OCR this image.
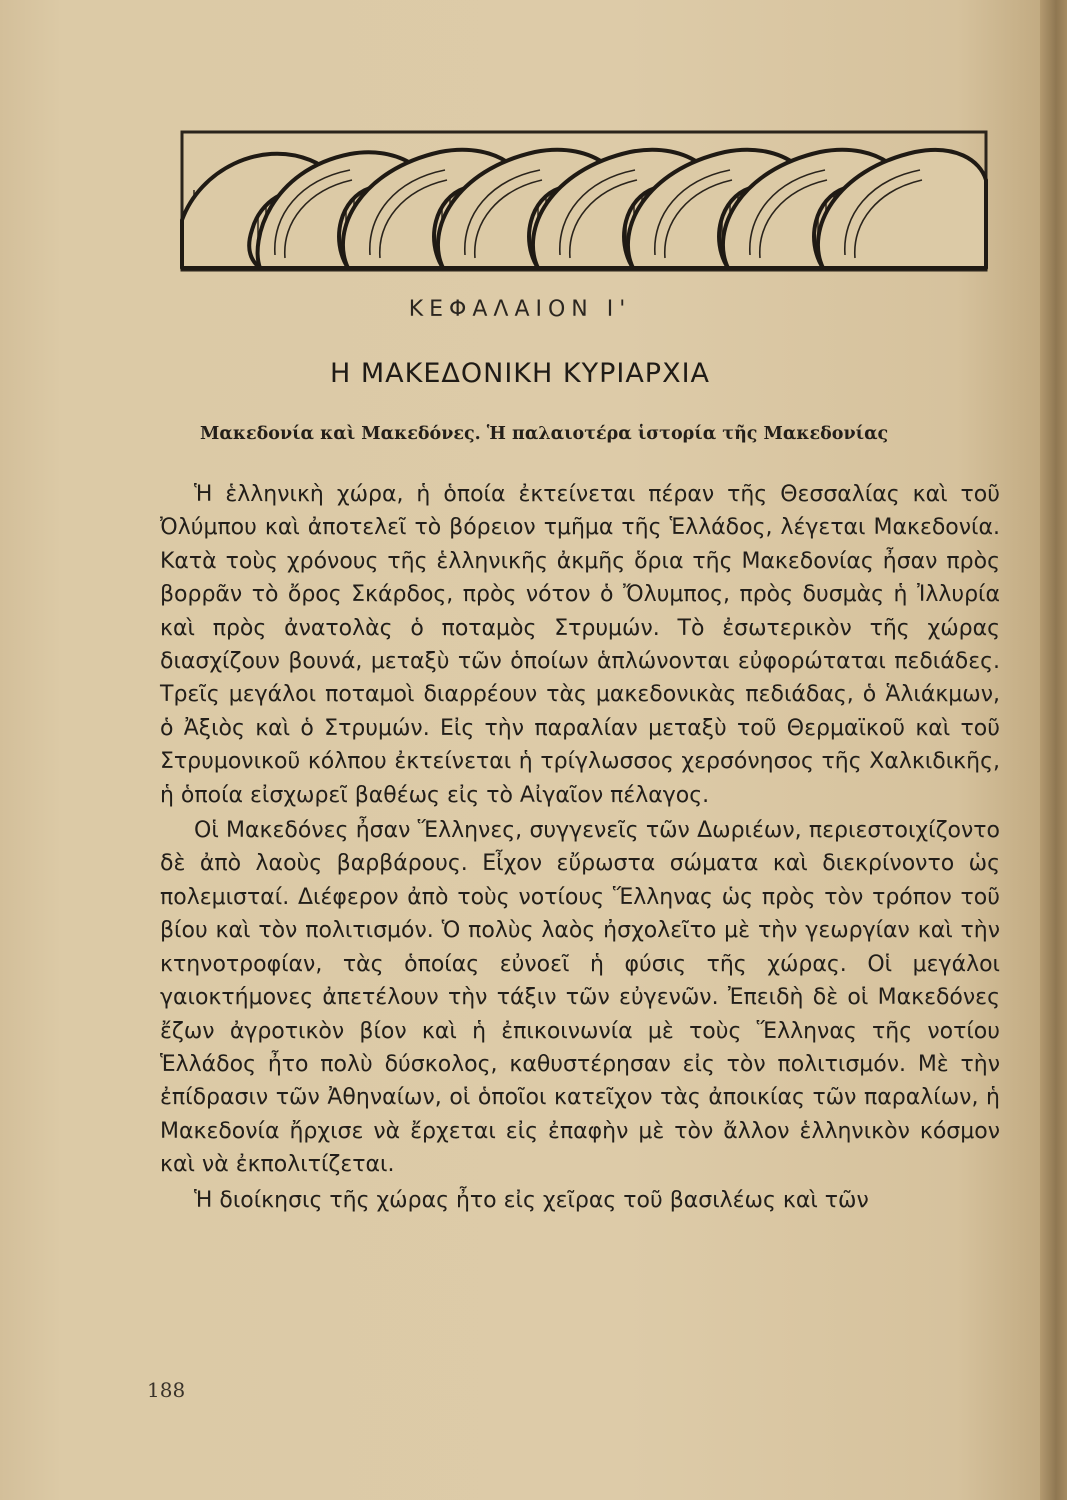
ΚΕΦΑΛΑΙΟΝ Ι'
Η ΜΑΚΕΔΟΝΙΚΗ ΚΥΡΙΑΡΧΙΑ
Μακεδονία καὶ Μακεδόνες. Ἡ παλαιοτέρα ἱστορία τῆς Μακεδονίας

Ἡ ἑλληνικὴ χώρα, ἡ ὁποία ἐκτείνεται πέραν τῆς Θεσσαλίας καὶ τοῦ Ὀλύμπου καὶ ἀποτελεῖ τὸ βόρειον τμῆμα τῆς Ἑλλάδος, λέγεται Μακεδονία. Κατὰ τοὺς χρόνους τῆς ἑλληνικῆς ἀκμῆς ὅρια τῆς Μακεδονίας ἦσαν πρὸς βορρᾶν τὸ ὄρος Σκάρδος, πρὸς νότον ὁ Ὄλυμπος, πρὸς δυσμὰς ἡ Ἰλλυρία καὶ πρὸς ἀνατολὰς ὁ ποταμὸς Στρυμών. Τὸ ἐσωτερικὸν τῆς χώρας διασχίζουν βουνά, μεταξὺ τῶν ὁποίων ἁπλώνονται εὐφορώταται πεδιάδες. Τρεῖς μεγάλοι ποταμοὶ διαρρέουν τὰς μακεδονικὰς πεδιάδας, ὁ Ἁλιάκμων, ὁ Ἀξιὸς καὶ ὁ Στρυμών. Εἰς τὴν παραλίαν μεταξὺ τοῦ Θερμαϊκοῦ καὶ τοῦ Στρυμονικοῦ κόλπου ἐκτείνεται ἡ τρίγλωσσος χερσόνησος τῆς Χαλκιδικῆς, ἡ ὁποία εἰσχωρεῖ βαθέως εἰς τὸ Αἰγαῖον πέλαγος.

Οἱ Μακεδόνες ἦσαν Ἕλληνες, συγγενεῖς τῶν Δωριέων, περιεστοιχίζοντο δὲ ἀπὸ λαοὺς βαρβάρους. Εἶχον εὔρωστα σώματα καὶ διεκρίνοντο ὡς πολεμισταί. Διέφερον ἀπὸ τοὺς νοτίους Ἕλληνας ὡς πρὸς τὸν τρόπον τοῦ βίου καὶ τὸν πολιτισμόν. Ὁ πολὺς λαὸς ἠσχολεῖτο μὲ τὴν γεωργίαν καὶ τὴν κτηνοτροφίαν, τὰς ὁποίας εὐνοεῖ ἡ φύσις τῆς χώρας. Οἱ μεγάλοι γαιοκτήμονες ἀπετέλουν τὴν τάξιν τῶν εὐγενῶν. Ἐπειδὴ δὲ οἱ Μακεδόνες ἔζων ἀγροτικὸν βίον καὶ ἡ ἐπικοινωνία μὲ τοὺς Ἕλληνας τῆς νοτίου Ἑλλάδος ἦτο πολὺ δύσκολος, καθυστέρησαν εἰς τὸν πολιτισμόν. Μὲ τὴν ἐπίδρασιν τῶν Ἀθηναίων, οἱ ὁποῖοι κατεῖχον τὰς ἀποικίας τῶν παραλίων, ἡ Μακεδονία ἤρχισε νὰ ἔρχεται εἰς ἐπαφὴν μὲ τὸν ἄλλον ἑλληνικὸν κόσμον καὶ νὰ ἐκπολιτίζεται.

Ἡ διοίκησις τῆς χώρας ἦτο εἰς χεῖρας τοῦ βασιλέως καὶ τῶν

188
